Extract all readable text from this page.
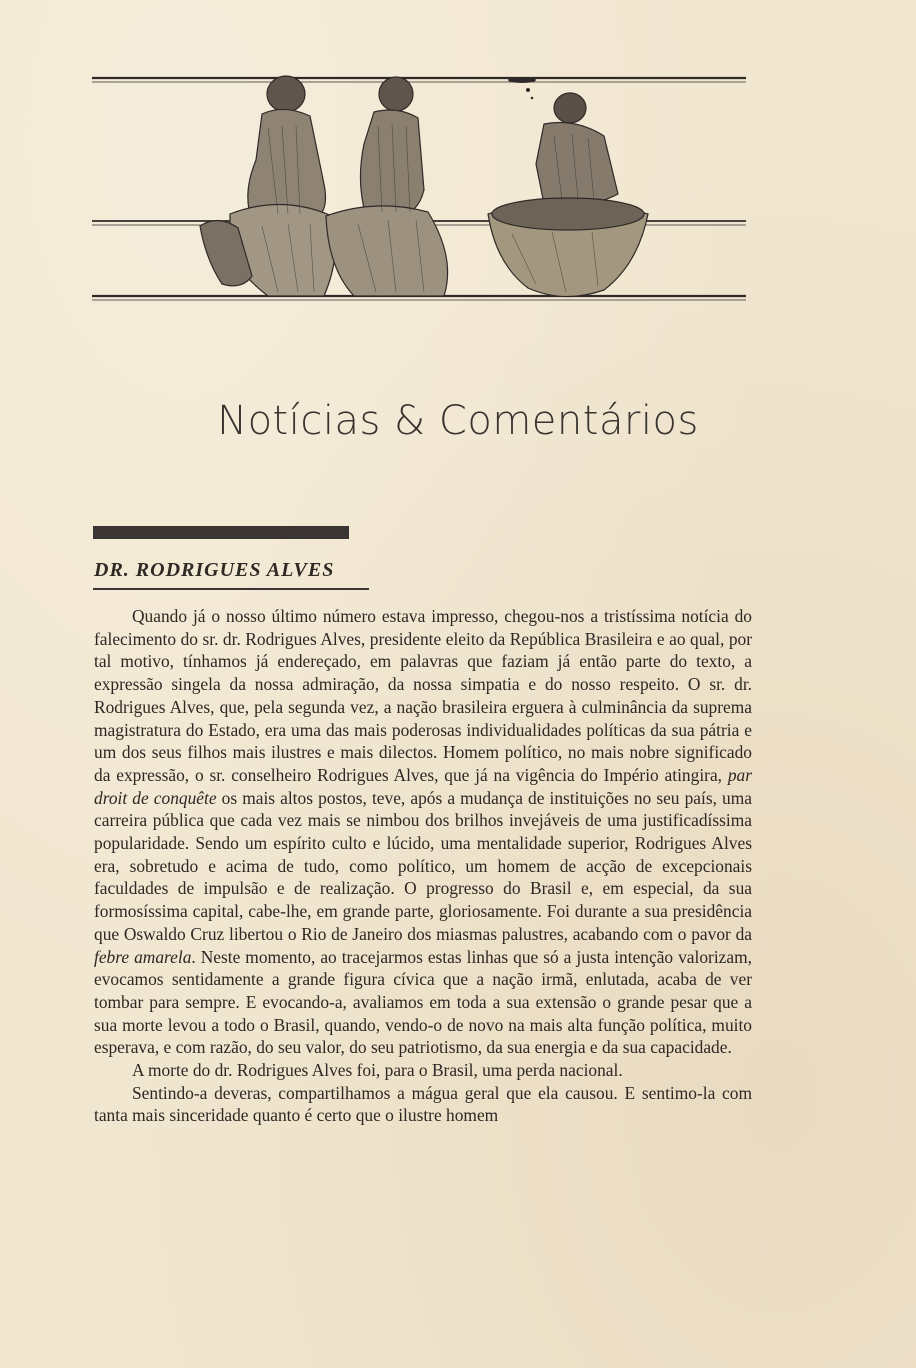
Notícias & Comentários
DR. RODRIGUES ALVES

Quando já o nosso último número estava impresso, chegou-nos a tristíssima notícia do falecimento do sr. dr. Rodrigues Alves, presidente eleito da República Brasileira e ao qual, por tal motivo, tínhamos já endereçado, em palavras que faziam já então parte do texto, a expressão singela da nossa admiração, da nossa simpatia e do nosso respeito. O sr. dr. Rodrigues Alves, que, pela segunda vez, a nação brasileira erguera à culminância da suprema magistratura do Estado, era uma das mais poderosas individualidades políticas da sua pátria e um dos seus filhos mais ilustres e mais dilectos. Homem político, no mais nobre significado da expressão, o sr. conselheiro Rodrigues Alves, que já na vigência do Império atingira, par droit de conquête os mais altos postos, teve, após a mudança de instituições no seu país, uma carreira pública que cada vez mais se nimbou dos brilhos invejáveis de uma justificadíssima popularidade. Sendo um espírito culto e lúcido, uma mentalidade superior, Rodrigues Alves era, sobretudo e acima de tudo, como político, um homem de acção de excepcionais faculdades de impulsão e de realização. O progresso do Brasil e, em especial, da sua formosíssima capital, cabe-lhe, em grande parte, gloriosamente. Foi durante a sua presidência que Oswaldo Cruz libertou o Rio de Janeiro dos miasmas palustres, acabando com o pavor da febre amarela. Neste momento, ao tracejarmos estas linhas que só a justa intenção valorizam, evocamos sentidamente a grande figura cívica que a nação irmã, enlutada, acaba de ver tombar para sempre. E evocando-a, avaliamos em toda a sua extensão o grande pesar que a sua morte levou a todo o Brasil, quando, vendo-o de novo na mais alta função política, muito esperava, e com razão, do seu valor, do seu patriotismo, da sua energia e da sua capacidade.

A morte do dr. Rodrigues Alves foi, para o Brasil, uma perda nacional.

Sentindo-a deveras, compartilhamos a mágua geral que ela causou. E sentimo-la com tanta mais sinceridade quanto é certo que o ilustre homem
